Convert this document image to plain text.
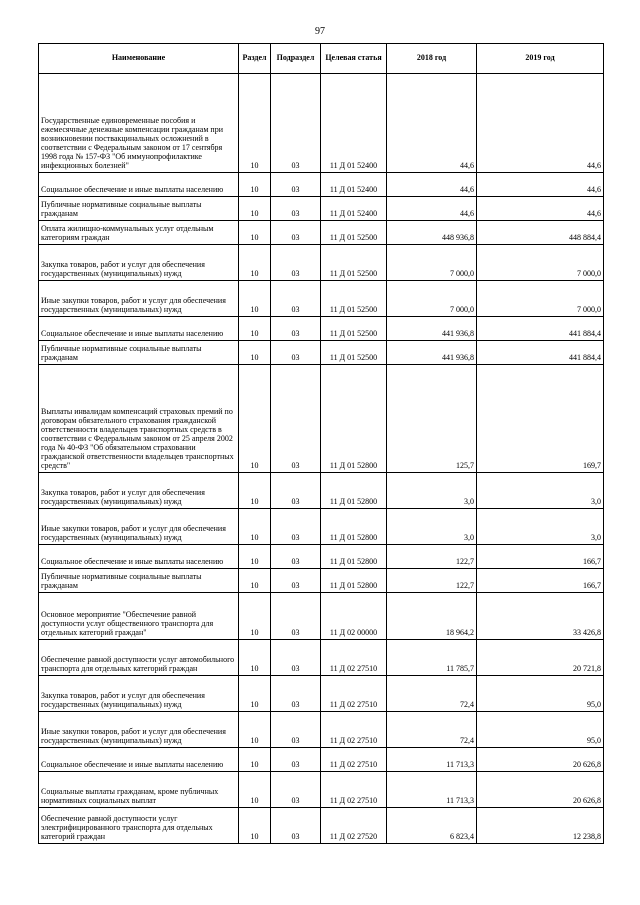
97
Наименование	Раздел	Подраздел	Целевая статья	2018 год	2019 год
Государственные единовременные пособия и ежемесячные денежные компенсации гражданам при возникновении поствакцинальных осложнений в соответствии с Федеральным законом от 17 сентября 1998 года № 157-ФЗ "Об иммунопрофилактике инфекционных болезней"	10	03	11 Д 01 52400	44,6	44,6
Социальное обеспечение и иные выплаты населению	10	03	11 Д 01 52400	44,6	44,6
Публичные нормативные социальные выплаты гражданам	10	03	11 Д 01 52400	44,6	44,6
Оплата жилищно-коммунальных услуг отдельным категориям граждан	10	03	11 Д 01 52500	448 936,8	448 884,4
Закупка товаров, работ и услуг для обеспечения государственных (муниципальных) нужд	10	03	11 Д 01 52500	7 000,0	7 000,0
Иные закупки товаров, работ и услуг для обеспечения государственных (муниципальных) нужд	10	03	11 Д 01 52500	7 000,0	7 000,0
Социальное обеспечение и иные выплаты населению	10	03	11 Д 01 52500	441 936,8	441 884,4
Публичные нормативные социальные выплаты гражданам	10	03	11 Д 01 52500	441 936,8	441 884,4
Выплаты инвалидам компенсаций страховых премий по договорам обязательного страхования гражданской ответственности владельцев транспортных средств в соответствии с Федеральным законом от 25 апреля 2002 года № 40-ФЗ "Об обязательном страховании гражданской ответственности владельцев транспортных средств"	10	03	11 Д 01 52800	125,7	169,7
Закупка товаров, работ и услуг для обеспечения государственных (муниципальных) нужд	10	03	11 Д 01 52800	3,0	3,0
Иные закупки товаров, работ и услуг для обеспечения государственных (муниципальных) нужд	10	03	11 Д 01 52800	3,0	3,0
Социальное обеспечение и иные выплаты населению	10	03	11 Д 01 52800	122,7	166,7
Публичные нормативные социальные выплаты гражданам	10	03	11 Д 01 52800	122,7	166,7
Основное мероприятие "Обеспечение равной доступности услуг общественного транспорта для отдельных категорий граждан"	10	03	11 Д 02 00000	18 964,2	33 426,8
Обеспечение равной доступности услуг автомобильного транспорта для отдельных категорий граждан	10	03	11 Д 02 27510	11 785,7	20 721,8
Закупка товаров, работ и услуг для обеспечения государственных (муниципальных) нужд	10	03	11 Д 02 27510	72,4	95,0
Иные закупки товаров, работ и услуг для обеспечения государственных (муниципальных) нужд	10	03	11 Д 02 27510	72,4	95,0
Социальное обеспечение и иные выплаты населению	10	03	11 Д 02 27510	11 713,3	20 626,8
Социальные выплаты гражданам, кроме публичных нормативных социальных выплат	10	03	11 Д 02 27510	11 713,3	20 626,8
Обеспечение равной доступности услуг электрифицированного транспорта для отдельных категорий граждан	10	03	11 Д 02 27520	6 823,4	12 238,8
